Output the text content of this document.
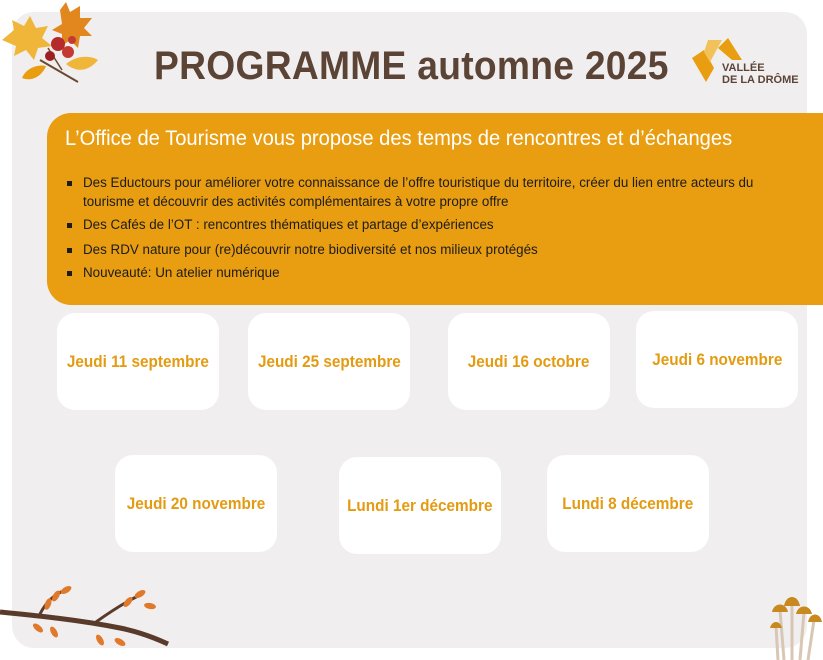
PROGRAMME automne 2025	VALLÉE
DE LA DRÔME
L’Office de Tourisme vous propose des temps de rencontres et d’échanges
Des Eductours pour améliorer votre connaissance de l’offre touristique du territoire, créer du lien entre acteurs du tourisme et découvrir des activités complémentaires à votre propre offre
Des Cafés de l’OT : rencontres thématiques et partage d’expériences
Des RDV nature pour (re)découvrir notre biodiversité et nos milieux protégés
Nouveauté: Un atelier numérique
Jeudi 11 septembre	Jeudi 25 septembre	Jeudi 16 octobre	Jeudi 6 novembre
Jeudi 20 novembre	Lundi 1er décembre	Lundi 8 décembre
